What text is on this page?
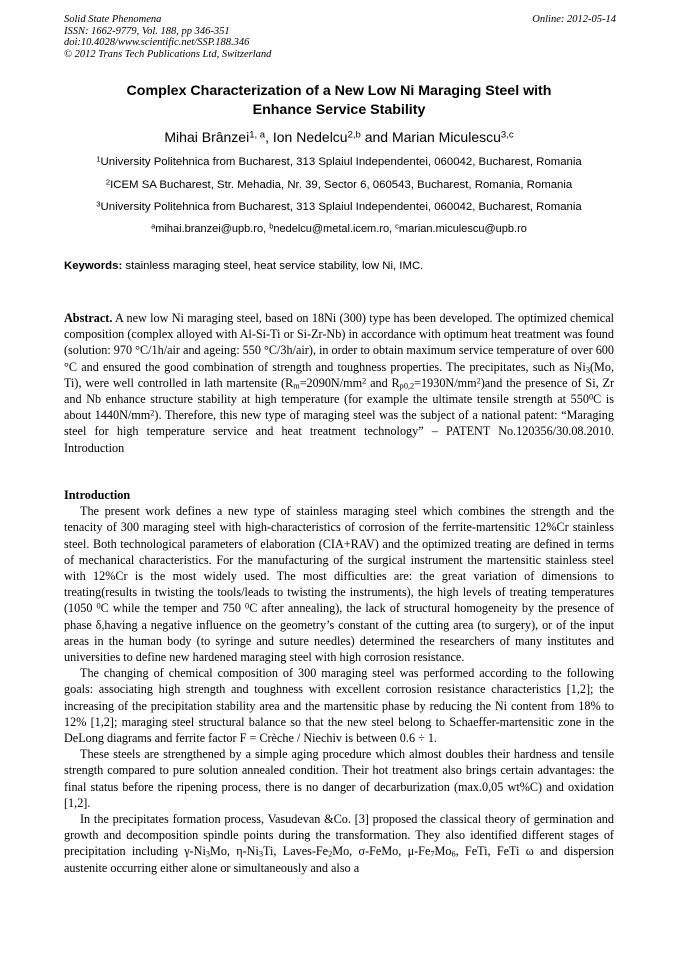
Solid State Phenomena
ISSN: 1662-9779, Vol. 188, pp 346-351
doi:10.4028/www.scientific.net/SSP.188.346
© 2012 Trans Tech Publications Ltd, Switzerland
Online: 2012-05-14
Complex Characterization of a New Low Ni Maraging Steel with
Enhance Service Stability
Mihai Brânzei$^{1, a}$, Ion Nedelcu$^{2,b}$ and Marian Miculescu$^{3,c}$
$^1$University Politehnica from Bucharest, 313 Splaiul Independentei, 060042, Bucharest, Romania
$^2$ICEM SA Bucharest, Str. Mehadia, Nr. 39, Sector 6, 060543, Bucharest, Romania, Romania
$^3$University Politehnica from Bucharest, 313 Splaiul Independentei, 060042, Bucharest, Romania
$^a$mihai.branzei@upb.ro, $^b$nedelcu@metal.icem.ro, $^c$marian.miculescu@upb.ro
Keywords: stainless maraging steel, heat service stability, low Ni, IMC.
Abstract. A new low Ni maraging steel, based on 18Ni (300) type has been developed. The optimized chemical composition (complex alloyed with Al-Si-Ti or Si-Zr-Nb) in accordance with optimum heat treatment was found (solution: 970 °C/1h/air and ageing: 550 °C/3h/air), in order to obtain maximum service temperature of over 600 °C and ensured the good combination of strength and toughness properties. The precipitates, such as $Ni_3(Mo$, Ti), were well controlled in lath martensite ($R_m=2090N/mm^2$ and $R_{p0,2}=1930N/mm^2)and$ the presence of Si, Zr and Nb enhance structure stability at high temperature (for example the ultimate tensile strength at $550^0C$ is about $1440N/mm^2$). Therefore, this new type of maraging steel was the subject of a national patent: “Maraging steel for high temperature service and heat treatment technology” – PATENT No.120356/30.08.2010. Introduction
Introduction

The present work defines a new type of stainless maraging steel which combines the strength and the tenacity of 300 maraging steel with high-characteristics of corrosion of the ferrite-martensitic 12%Cr stainless steel. Both technological parameters of elaboration (CIA+RAV) and the optimized treating are defined in terms of mechanical characteristics. For the manufacturing of the surgical instrument the martensitic stainless steel with 12%Cr is the most widely used. The most difficulties are: the great variation of dimensions to treating(results in twisting the tools/leads to twisting the instruments), the high levels of treating temperatures (1050 $^0$C while the temper and 750 $^0$C after annealing), the lack of structural homogeneity by the presence of phase δ,having a negative influence on the geometry’s constant of the cutting area (to surgery), or of the input areas in the human body (to syringe and suture needles) determined the researchers of many institutes and universities to define new hardened maraging steel with high corrosion resistance.

The changing of chemical composition of 300 maraging steel was performed according to the following goals: associating high strength and toughness with excellent corrosion resistance characteristics [1,2]; the increasing of the precipitation stability area and the martensitic phase by reducing the Ni content from 18% to 12% [1,2]; maraging steel structural balance so that the new steel belong to Schaeffer-martensitic zone in the DeLong diagrams and ferrite factor F = Crèche / Niechiv is between 0.6 ÷ 1.

These steels are strengthened by a simple aging procedure which almost doubles their hardness and tensile strength compared to pure solution annealed condition. Their hot treatment also brings certain advantages: the final status before the ripening process, there is no danger of decarburization (max.0,05 wt%C) and oxidation [1,2].

In the precipitates formation process, Vasudevan &Co. [3] proposed the classical theory of germination and growth and decomposition spindle points during the transformation. They also identified different stages of precipitation including $\gamma-Ni_3Mo$, $\eta-Ni_3Ti$, Laves-$Fe_2Mo$, σ-FeMo, $\mu-Fe_7Mo_6$, FeTi, FeTi ω and dispersion austenite occurring either alone or simultaneously and also a
